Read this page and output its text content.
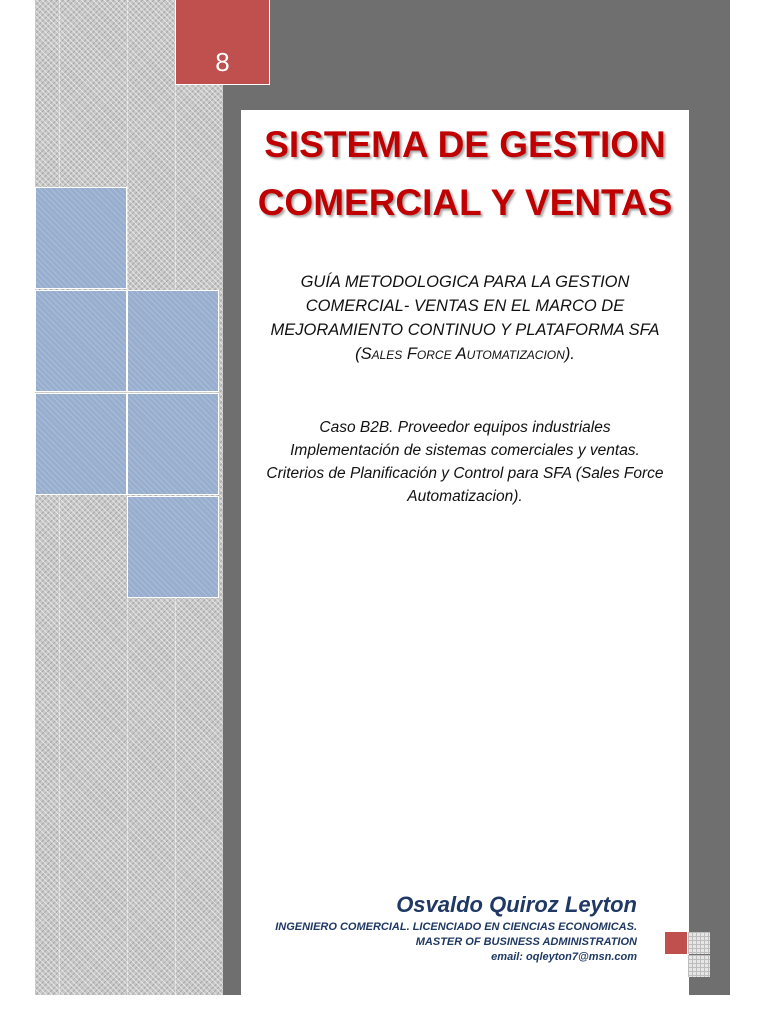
8
SISTEMA DE GESTION
COMERCIAL Y VENTAS
GUÍA METODOLOGICA PARA LA GESTION
COMERCIAL- VENTAS EN EL MARCO DE
MEJORAMIENTO CONTINUO Y PLATAFORMA SFA
(Sales Force Automatizacion).
Caso B2B. Proveedor equipos industriales
Implementación de sistemas comerciales y ventas.
Criterios de Planificación y Control para SFA (Sales Force
Automatizacion).
Osvaldo Quiroz Leyton
INGENIERO COMERCIAL. LICENCIADO EN CIENCIAS ECONOMICAS.
MASTER OF BUSINESS ADMINISTRATION
email: oqleyton7@msn.com
